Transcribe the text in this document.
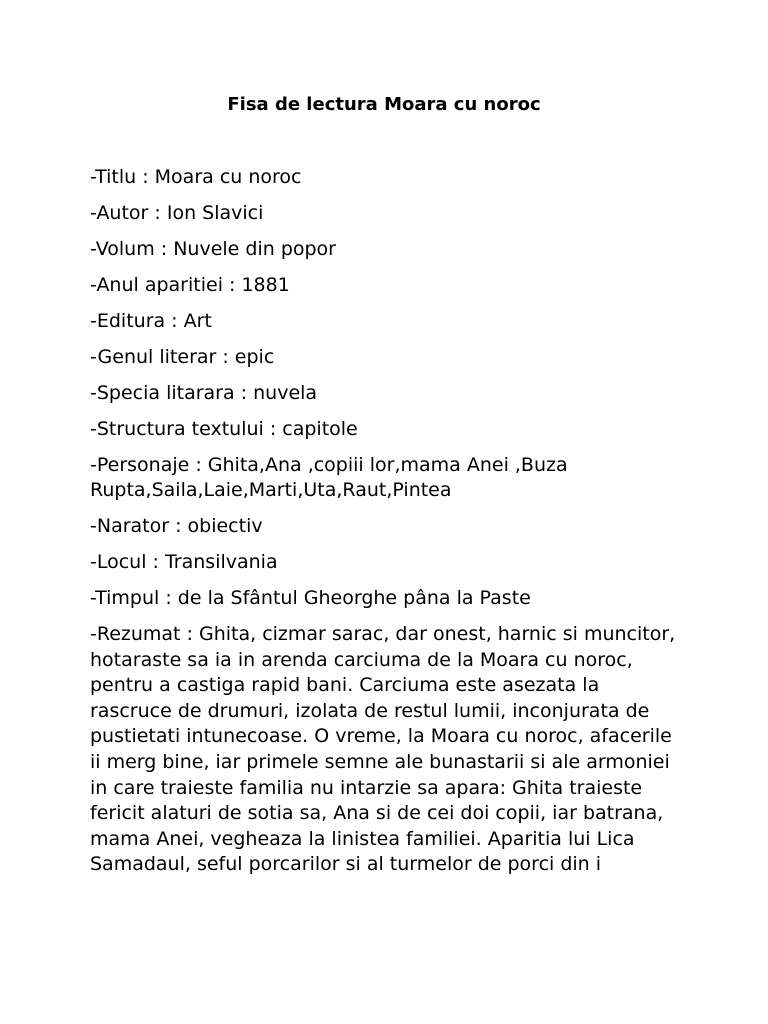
Fisa de lectura Moara cu noroc

-Titlu : Moara cu noroc

-Autor : Ion Slavici

-Volum : Nuvele din popor

-Anul aparitiei : 1881

-Editura : Art

-Genul literar : epic

-Specia litarara : nuvela

-Structura textului : capitole

-Personaje : Ghita,Ana ,copiii lor,mama Anei ,Buza Rupta,Saila,Laie,Marti,Uta,Raut,Pintea

-Narator : obiectiv

-Locul : Transilvania

-Timpul : de la Sfântul Gheorghe pâna la Paste

-Rezumat : Ghita, cizmar sarac, dar onest, harnic si muncitor, hotaraste sa ia in arenda carciuma de la Moara cu noroc, pentru a castiga rapid bani. Carciuma este asezata la rascruce de drumuri, izolata de restul lumii, inconjurata de pustietati intunecoase. O vreme, la Moara cu noroc, afacerile ii merg bine, iar primele semne ale bunastarii si ale armoniei in care traieste familia nu intarzie sa apara: Ghita traieste fericit alaturi de sotia sa, Ana si de cei doi copii, iar batrana, mama Anei, vegheaza la linistea familiei. Aparitia lui Lica Samadaul, seful porcarilor si al turmelor de porci din i
